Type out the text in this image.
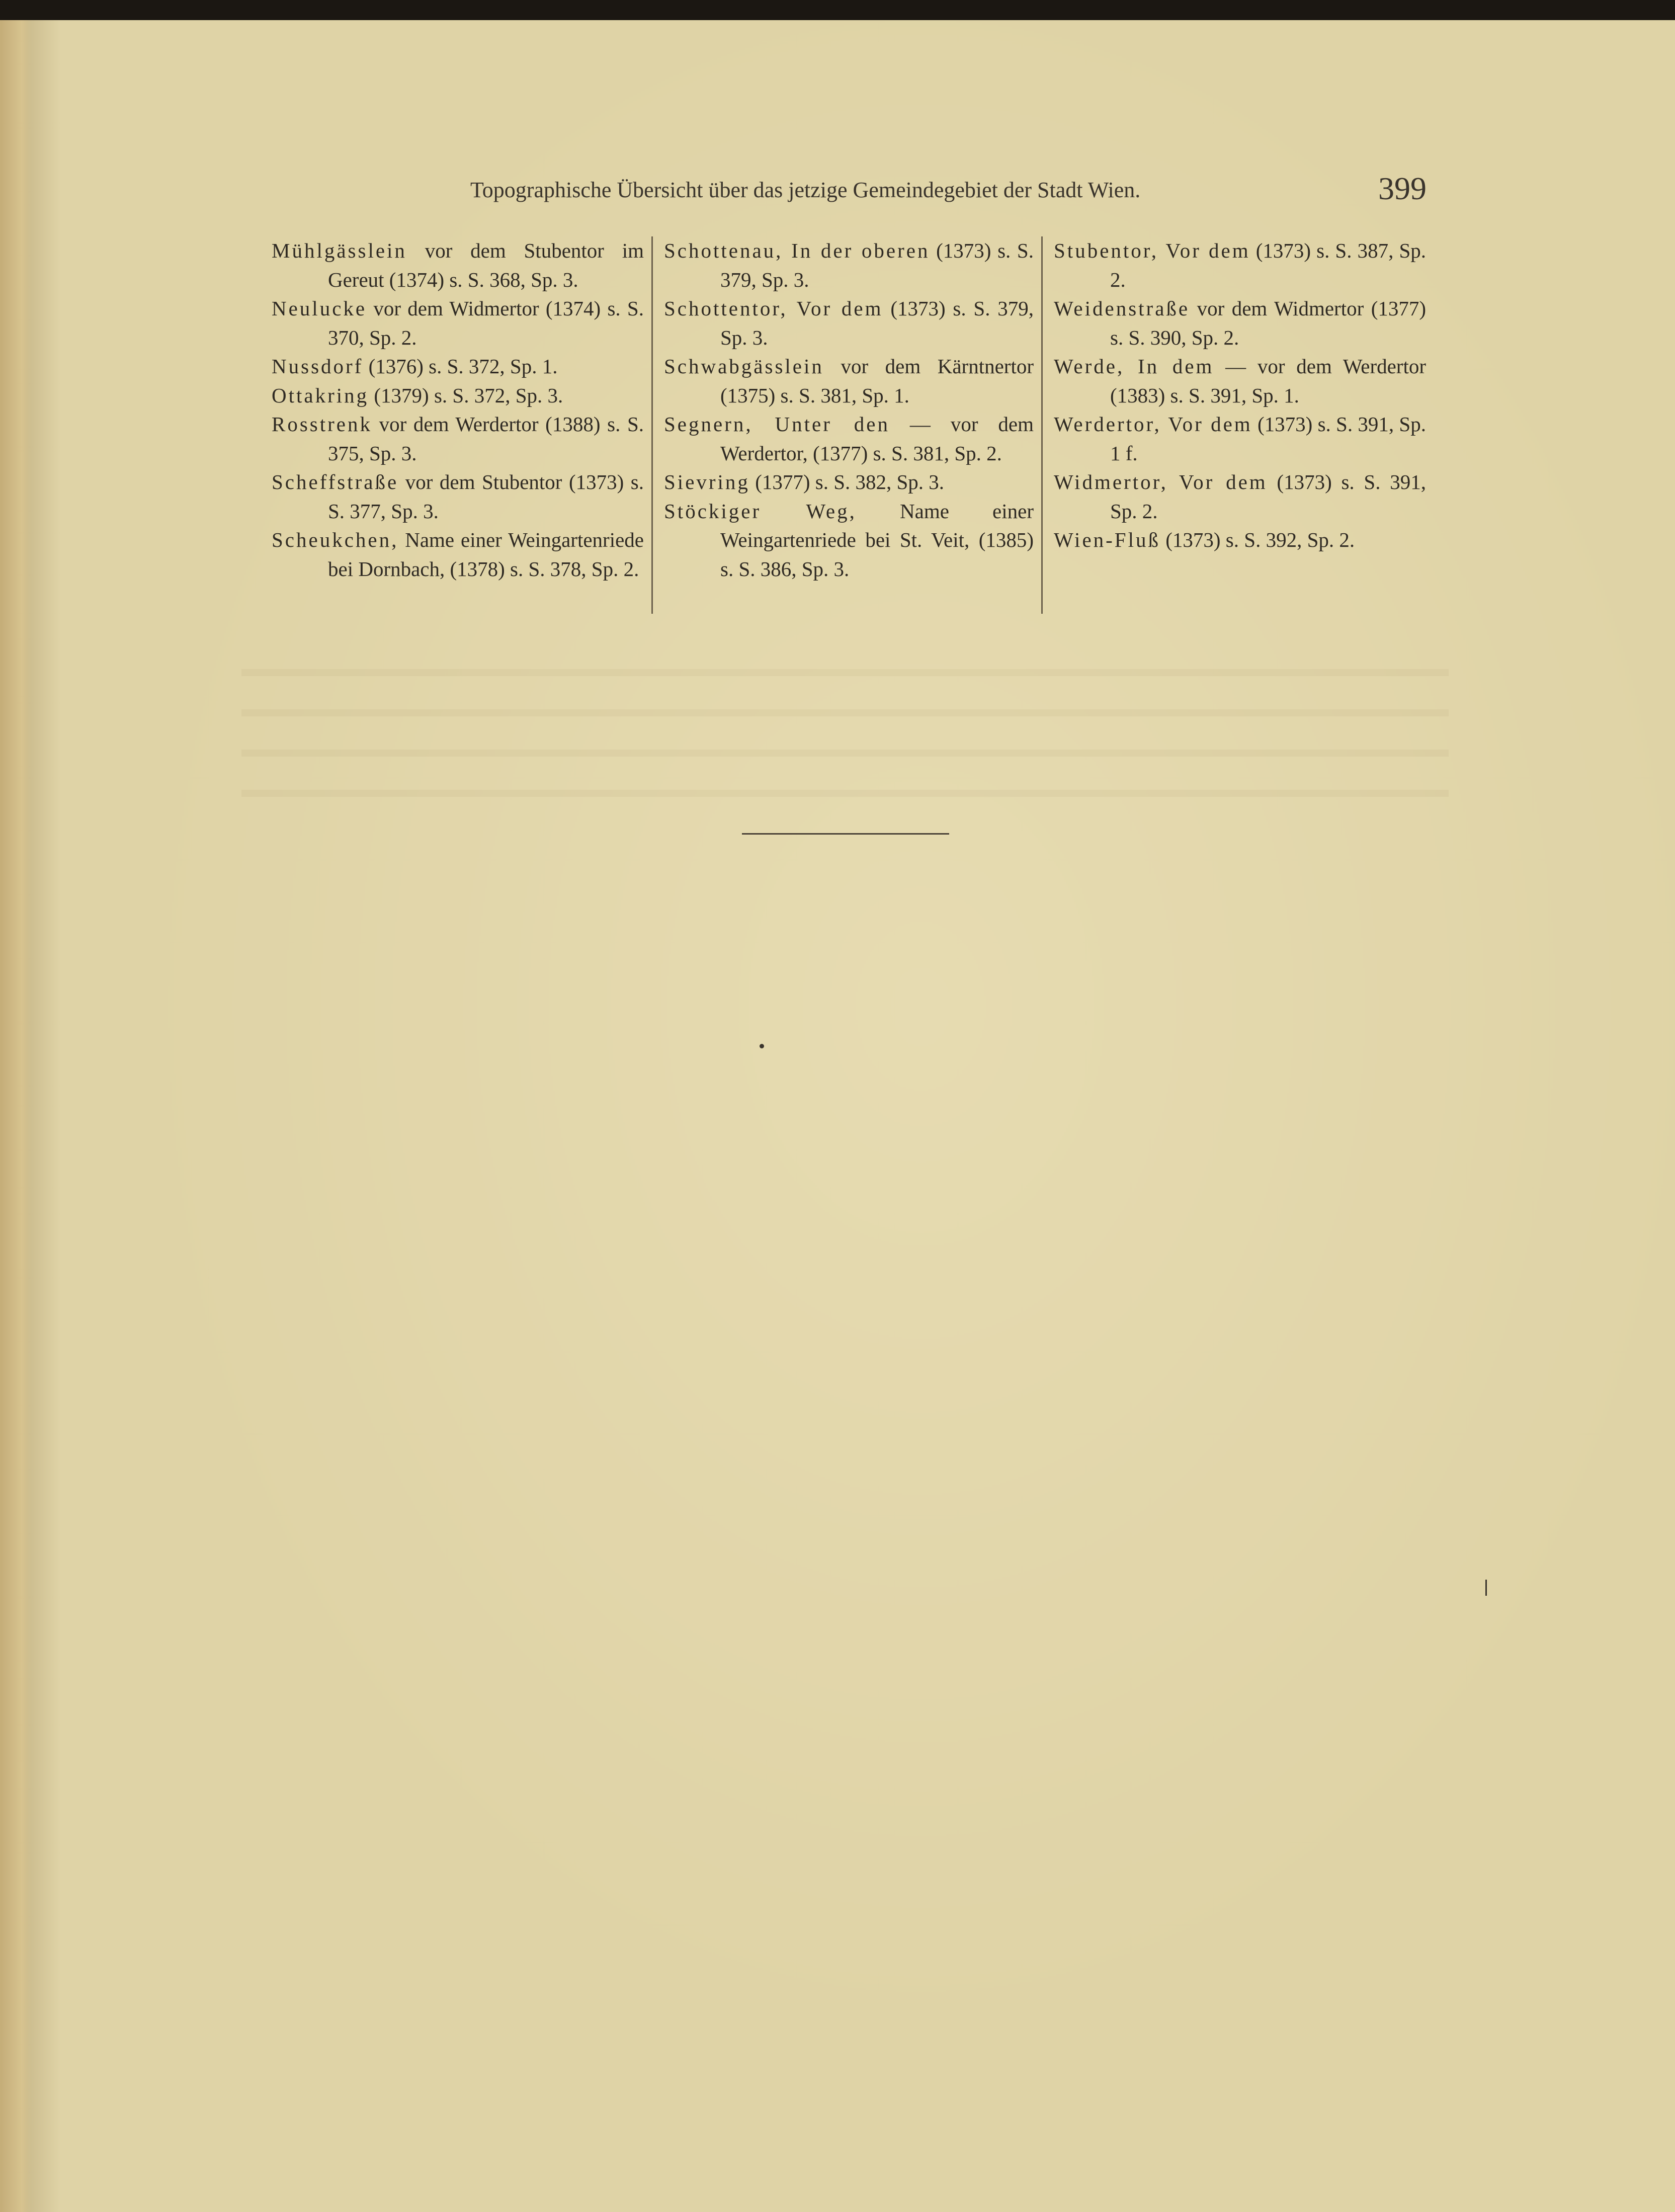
Topographische Übersicht über das jetzige Gemeindegebiet der Stadt Wien.	399

Mühlgässlein vor dem Stubentor im Gereut (1374) s. S. 368, Sp. 3.

Neulucke vor dem Widmertor (1374) s. S. 370, Sp. 2.

Nussdorf (1376) s. S. 372, Sp. 1.

Ottakring (1379) s. S. 372, Sp. 3.

Rosstrenk vor dem Werdertor (1388) s. S. 375, Sp. 3.

Scheffstraße vor dem Stubentor (1373) s. S. 377, Sp. 3.

Scheukchen, Name einer Weingartenriede bei Dornbach, (1378) s. S. 378, Sp. 2.

Schottenau, In der oberen (1373) s. S. 379, Sp. 3.

Schottentor, Vor dem (1373) s. S. 379, Sp. 3.

Schwabgässlein vor dem Kärntnertor (1375) s. S. 381, Sp. 1.

Segnern, Unter den — vor dem Werdertor, (1377) s. S. 381, Sp. 2.

Sievring (1377) s. S. 382, Sp. 3.

Stöckiger Weg, Name einer Weingartenriede bei St. Veit, (1385) s. S. 386, Sp. 3.

Stubentor, Vor dem (1373) s. S. 387, Sp. 2.

Weidenstraße vor dem Widmertor (1377) s. S. 390, Sp. 2.

Werde, In dem — vor dem Werdertor (1383) s. S. 391, Sp. 1.

Werdertor, Vor dem (1373) s. S. 391, Sp. 1 f.

Widmertor, Vor dem (1373) s. S. 391, Sp. 2.

Wien-Fluß (1373) s. S. 392, Sp. 2.
